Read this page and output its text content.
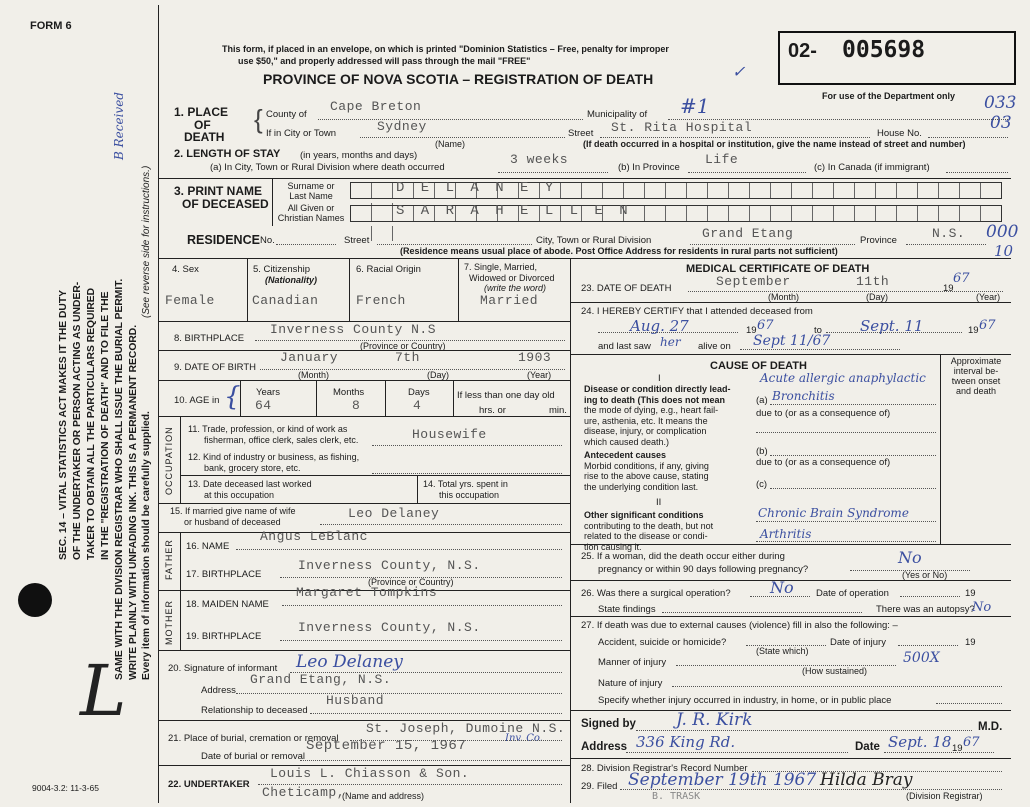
FORM 6
This form, if placed in an envelope, on which is printed "Dominion Statistics – Free, penalty for improper
use $50," and properly addressed will pass through the mail "FREE"
PROVINCE OF NOVA SCOTIA – REGISTRATION OF DEATH	✓
02- 005698
For use of the Department only 033
03
SEC. 14 – VITAL STATISTICS ACT MAKES IT THE DUTY OF THE UNDERTAKER OR PERSON ACTING AS UNDER- TAKER TO OBTAIN ALL THE PARTICULARS REQUIRED IN THE "REGISTRATION OF DEATH" AND TO FILE THE SAME WITH THE DIVISION REGISTRAR WHO SHALL ISSUE THE BURIAL PERMIT. WRITE PLAINLY WITH UNFADING INK. THIS IS A PERMANENT RECORD. Every item of information should be carefully supplied.
(See reverse side for instructions.)
B Received
L
9004-3.2: 11-3-65
1. PLACE
OF
DEATH
{ County of
Cape Breton
Municipality of #1
If in City or Town	Sydney
(Name)
Street St. Rita Hospital	House No.
(If death occurred in a hospital or institution, give the name instead of street and number)
2. LENGTH OF STAY (in years, months and days)
(a) In City, Town or Rural Division where death occurred
3 weeks
(b) In Province
Life
(c) In Canada (if immigrant)
3. PRINT NAME
OF DECEASED
Surname or
Last Name	D E L A N E Y
All Given or
Christian Names	S A R A H E L L E N
RESIDENCE No.	Street	City, Town or Rural Division	Grand Etang	Province	N.S. 000
10
(Residence means usual place of abode. Post Office Address for residents in rural parts not sufficient)
4. Sex
Female
5. Citizenship
(Nationality)
Canadian
6. Racial Origin
French
7. Single, Married,
Widowed or Divorced
(write the word)
Married
8. BIRTHPLACE
Inverness County N.S
(Province or Country)
9. DATE OF BIRTH
January	7th	1903
(Month)	(Day)	(Year)
10. AGE in { Years
64
Months
8
Days
4
If less than one day old
hrs. or	min.
OCCUPATION 11. Trade, profession, or kind of work as
fisherman, office clerk, sales clerk, etc.	Housewife
12. Kind of industry or business, as fishing,
bank, grocery store, etc.
13. Date deceased last worked
at this occupation
14. Total yrs. spent in
this occupation
15. If married give name of wife
or husband of deceased
Leo Delaney
FATHER 16. NAME
Angus LeBlanc
17. BIRTHPLACE
Inverness County, N.S.
(Province or Country)
MOTHER 18. MAIDEN NAME
Margaret Tompkins
19. BIRTHPLACE
Inverness County, N.S.
20. Signature of informant Leo Delaney
Address
Grand Etang, N.S.
Relationship to deceased
Husband
21. Place of burial, cremation or removal
St. Joseph, Dumoine N.S.
Inv. Co.
Date of burial or removal
September 15, 1967
22. UNDERTAKER
Louis L. Chiasson & Son.
Cheticamp,
(Name and address)
MEDICAL CERTIFICATE OF DEATH
23. DATE OF DEATH	September	11th	19
67
(Month)	(Day)	(Year)
24. I HEREBY CERTIFY that I attended deceased from
Aug. 27	19 67	to	Sept. 11	19 67
and last saw her alive on Sept 11/67
CAUSE OF DEATH	Approximate
interval be-
tween onset
and death
I
Disease or condition directly lead-
ing to death (This does not mean
the mode of dying, e.g., heart fail-
ure, asthenia, etc. It means the
disease, injury, or complication
which caused death.)
Acute allergic anaphylactic
(a) Bronchitis
due to (or as a consequence of)
(b)
Antecedent causes
Morbid conditions, if any, giving
rise to the above cause, stating
the underlying condition last.
due to (or as a consequence of)
(c)
II
Other significant conditions
contributing to the death, but not
related to the disease or condi-
tion causing it.
Chronic Brain Syndrome
Arthritis
25. If a woman, did the death occur either during
pregnancy or within 90 days following pregnancy?
No
(Yes or No)
26. Was there a surgical operation? No Date of operation	19
State findings	There was an autopsy?
No
27. If death was due to external causes (violence) fill in also the following: –
Accident, suicide or homicide?
(State which)
Date of injury	19
Manner of injury	500X
(How sustained)
Nature of injury
Specify whether injury occurred in industry, in home, or in public place
Signed by J. R. Kirk	M.D.
Address 336 King Rd.	Date Sept. 18 19 67
28. Division Registrar's Record Number
29. Filed September 19th 1967 Hilda Bray
B. TRASK	(Division Registrar)
